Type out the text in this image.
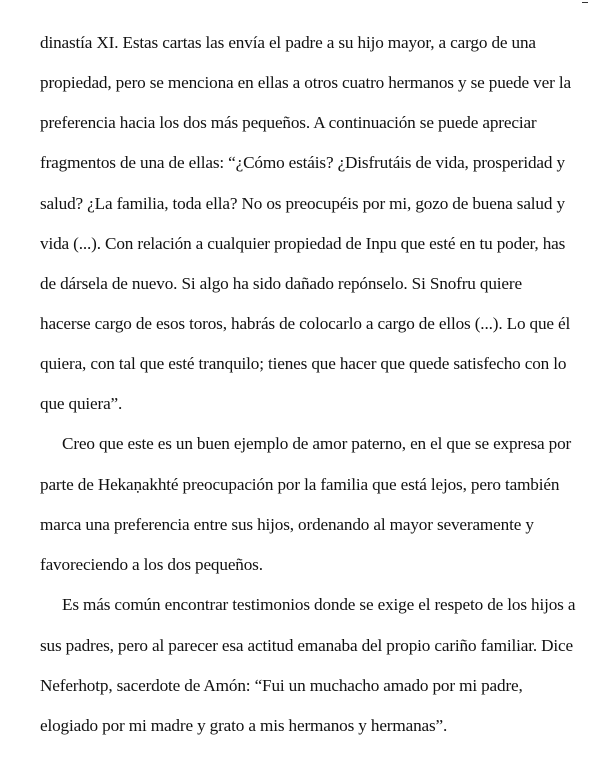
dinastía XI. Estas cartas las envía el padre a su hijo mayor, a cargo de una
propiedad, pero se menciona en ellas a otros cuatro hermanos y se puede ver la
preferencia hacia los dos más pequeños. A continuación se puede apreciar
fragmentos de una de ellas: “¿Cómo estáis? ¿Disfrutáis de vida, prosperidad y
salud? ¿La familia, toda ella? No os preocupéis por mi, gozo de buena salud y
vida (...). Con relación a cualquier propiedad de Inpu que esté en tu poder, has
de dársela de nuevo. Si algo ha sido dañado repónselo. Si Snofru quiere
hacerse cargo de esos toros, habrás de colocarlo a cargo de ellos (...). Lo que él
quiera, con tal que esté tranquilo; tienes que hacer que quede satisfecho con lo
que quiera”.
Creo que este es un buen ejemplo de amor paterno, en el que se expresa por
parte de Hekaṇakhté preocupación por la familia que está lejos, pero también
marca una preferencia entre sus hijos, ordenando al mayor severamente y
favoreciendo a los dos pequeños.
Es más común encontrar testimonios donde se exige el respeto de los hijos a
sus padres, pero al parecer esa actitud emanaba del propio cariño familiar. Dice
Neferhotp, sacerdote de Amón: “Fui un muchacho amado por mi padre,
elogiado por mi madre y grato a mis hermanos y hermanas”.
